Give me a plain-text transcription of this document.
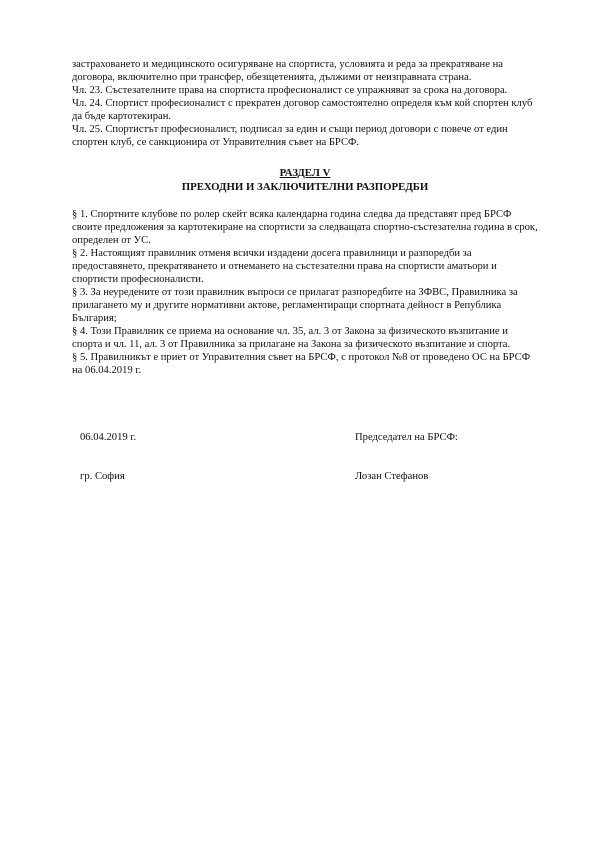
застраховането и медицинското осигуряване на спортиста, условията и реда за прекратяване на договора, включително при трансфер, обезщетенията, дължими от неизправната страна.

Чл. 23. Състезателните права на спортиста професионалист се упражняват за срока на договора.

Чл. 24. Спортист професионалист с прекратен договор самостоятелно определя към кой спортен клуб да бъде картотекиран.

Чл. 25. Спортистът професионалист, подписал за един и същи период договори с повече от един спортен клуб, се санкционира от Управителния съвет на БРСФ.

РАЗДЕЛ V
ПРЕХОДНИ И ЗАКЛЮЧИТЕЛНИ РАЗПОРЕДБИ

§ 1. Спортните клубове по ролер скейт всяка календарна година следва да представят пред БРСФ своите предложения за картотекиране на спортисти за следващата спортно-състезателна година в срок, определен от УС.

§ 2. Настоящият правилник отменя всички издадени досега правилници и разпоредби за предоставянето, прекратяването и отнемането на състезателни права на спортисти аматьори и спортисти професионалисти.

§ 3. За неуредените от този правилник въпроси се прилагат разпоредбите на ЗФВС, Правилника за прилагането му и другите нормативни актове, регламентиращи спортната дейност в Република България;

§ 4. Този Правилник се приема на основание чл. 35, ал. 3 от Закона за физическото възпитание и спорта и чл. 11, ал. 3 от Правилника за прилагане на Закона за физическото възпитание и спорта.

§ 5. Правилникът е приет от Управителния съвет на БРСФ, с протокол №8 от проведено ОС на БРСФ на 06.04.2019 г.

06.04.2019 г.	Председател на БРСФ:
гр. София	Лозан Стефанов
